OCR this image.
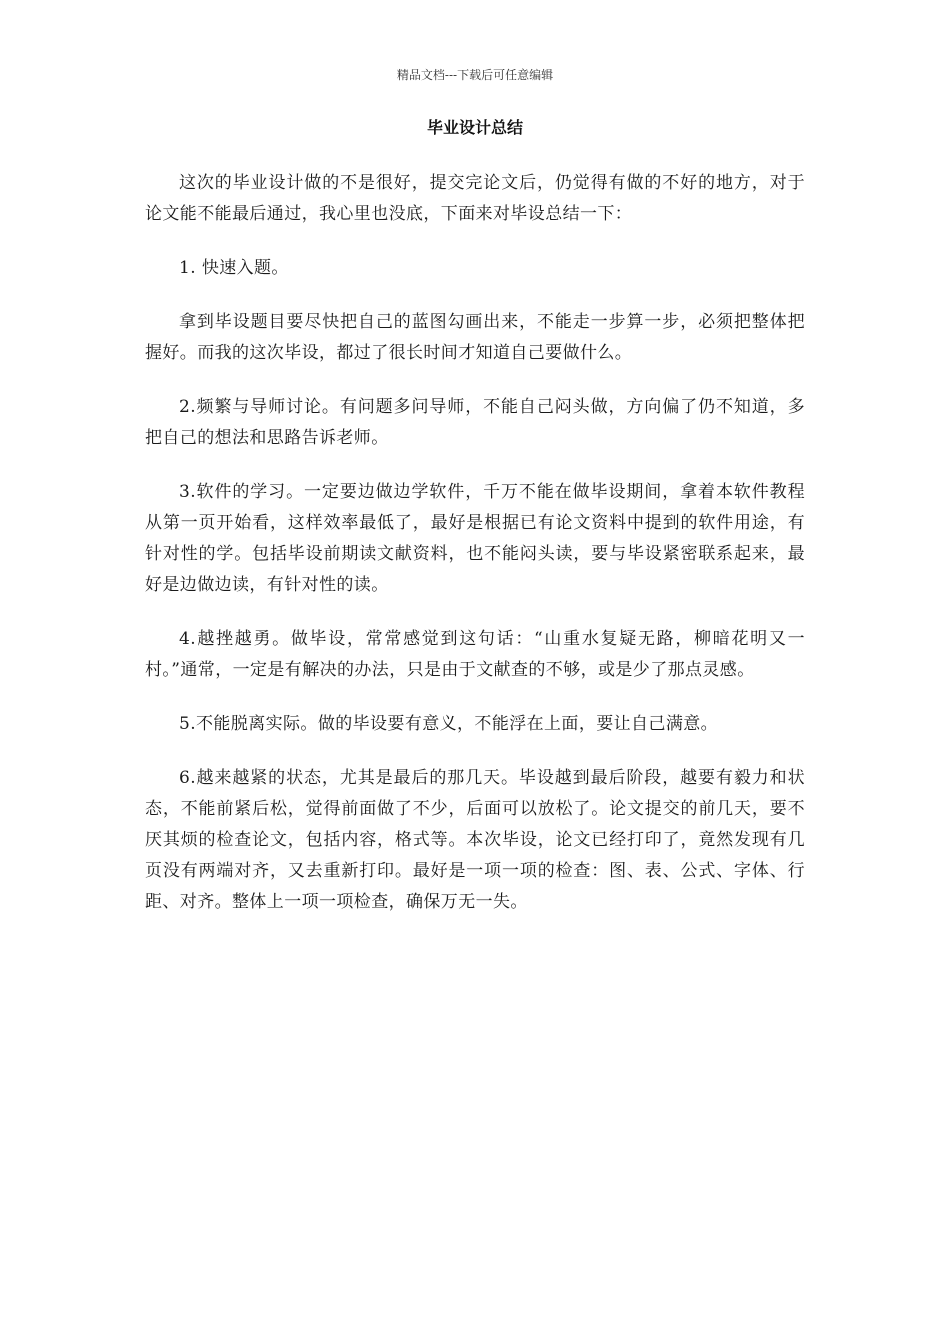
精品文档---下载后可任意编辑
毕业设计总结

这次的毕业设计做的不是很好，提交完论文后，仍觉得有做的不好的地方，对于论文能不能最后通过，我心里也没底，下面来对毕设总结一下：

1. 快速入题。

拿到毕设题目要尽快把自己的蓝图勾画出来，不能走一步算一步，必须把整体把握好。而我的这次毕设，都过了很长时间才知道自己要做什么。

2.频繁与导师讨论。有问题多问导师，不能自己闷头做，方向偏了仍不知道，多把自己的想法和思路告诉老师。

3.软件的学习。一定要边做边学软件，千万不能在做毕设期间，拿着本软件教程从第一页开始看，这样效率最低了，最好是根据已有论文资料中提到的软件用途，有针对性的学。包括毕设前期读文献资料，也不能闷头读，要与毕设紧密联系起来，最好是边做边读，有针对性的读。

4.越挫越勇。做毕设，常常感觉到这句话：“山重水复疑无路，柳暗花明又一村。”通常，一定是有解决的办法，只是由于文献查的不够，或是少了那点灵感。

5.不能脱离实际。做的毕设要有意义，不能浮在上面，要让自己满意。

6.越来越紧的状态，尤其是最后的那几天。毕设越到最后阶段，越要有毅力和状态，不能前紧后松，觉得前面做了不少，后面可以放松了。论文提交的前几天，要不厌其烦的检查论文，包括内容，格式等。本次毕设，论文已经打印了，竟然发现有几页没有两端对齐，又去重新打印。最好是一项一项的检查：图、表、公式、字体、行距、对齐。整体上一项一项检查，确保万无一失。
